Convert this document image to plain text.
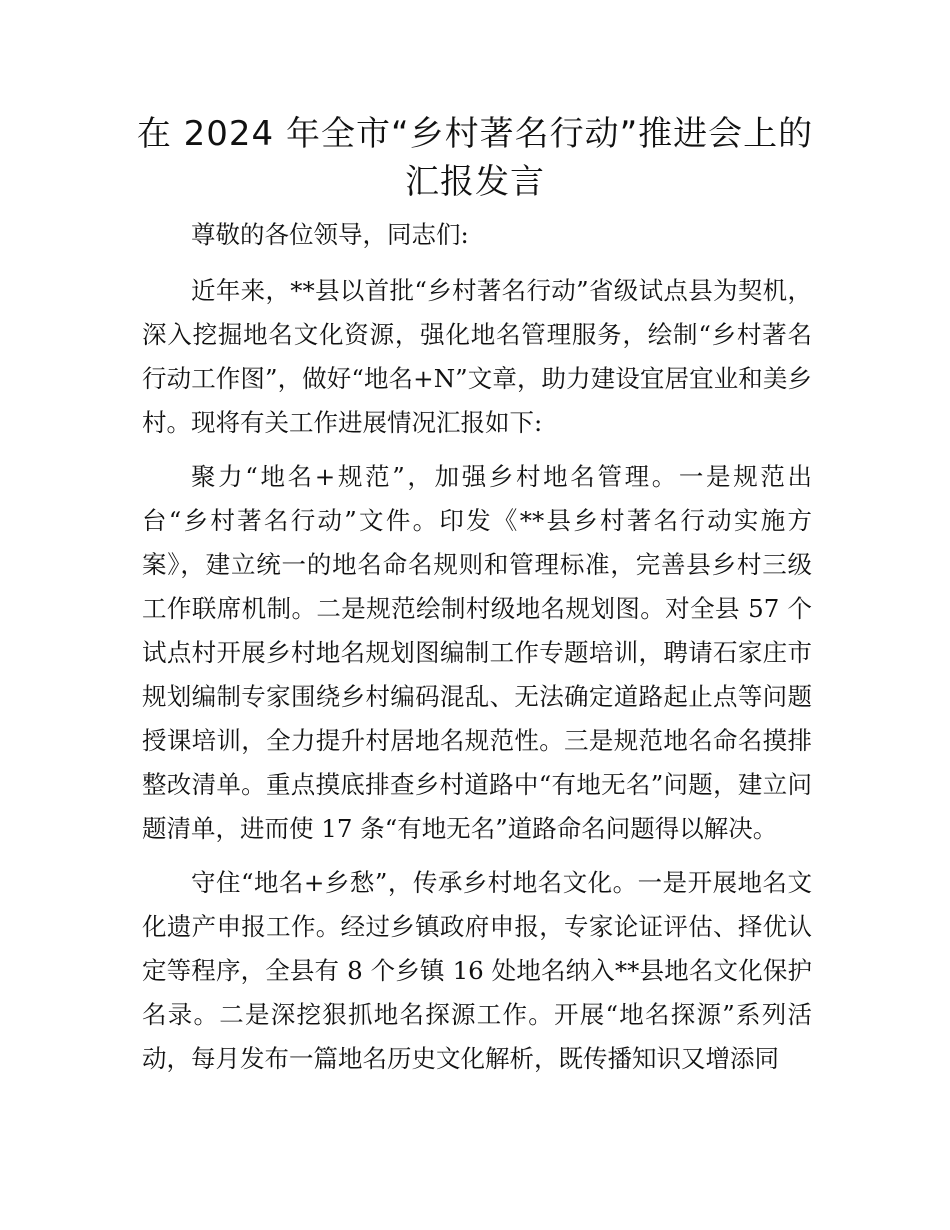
在 2024 年全市“乡村著名行动”推进会上的汇报发言

尊敬的各位领导，同志们:

近年来，**县以首批“乡村著名行动”省级试点县为契机，深入挖掘地名文化资源，强化地名管理服务，绘制“乡村著名行动工作图”，做好“地名+N”文章，助力建设宜居宜业和美乡村。现将有关工作进展情况汇报如下:

聚力“地名+规范”，加强乡村地名管理。一是规范出台“乡村著名行动”文件。印发《**县乡村著名行动实施方案》，建立统一的地名命名规则和管理标准，完善县乡村三级工作联席机制。二是规范绘制村级地名规划图。对全县 57 个试点村开展乡村地名规划图编制工作专题培训，聘请石家庄市规划编制专家围绕乡村编码混乱、无法确定道路起止点等问题授课培训，全力提升村居地名规范性。三是规范地名命名摸排整改清单。重点摸底排查乡村道路中“有地无名”问题，建立问题清单，进而使 17 条“有地无名”道路命名问题得以解决。

守住“地名+乡愁”，传承乡村地名文化。一是开展地名文化遗产申报工作。经过乡镇政府申报，专家论证评估、择优认定等程序，全县有 8 个乡镇 16 处地名纳入**县地名文化保护名录。二是深挖狠抓地名探源工作。开展“地名探源”系列活动，每月发布一篇地名历史文化解析，既传播知识又增添同
